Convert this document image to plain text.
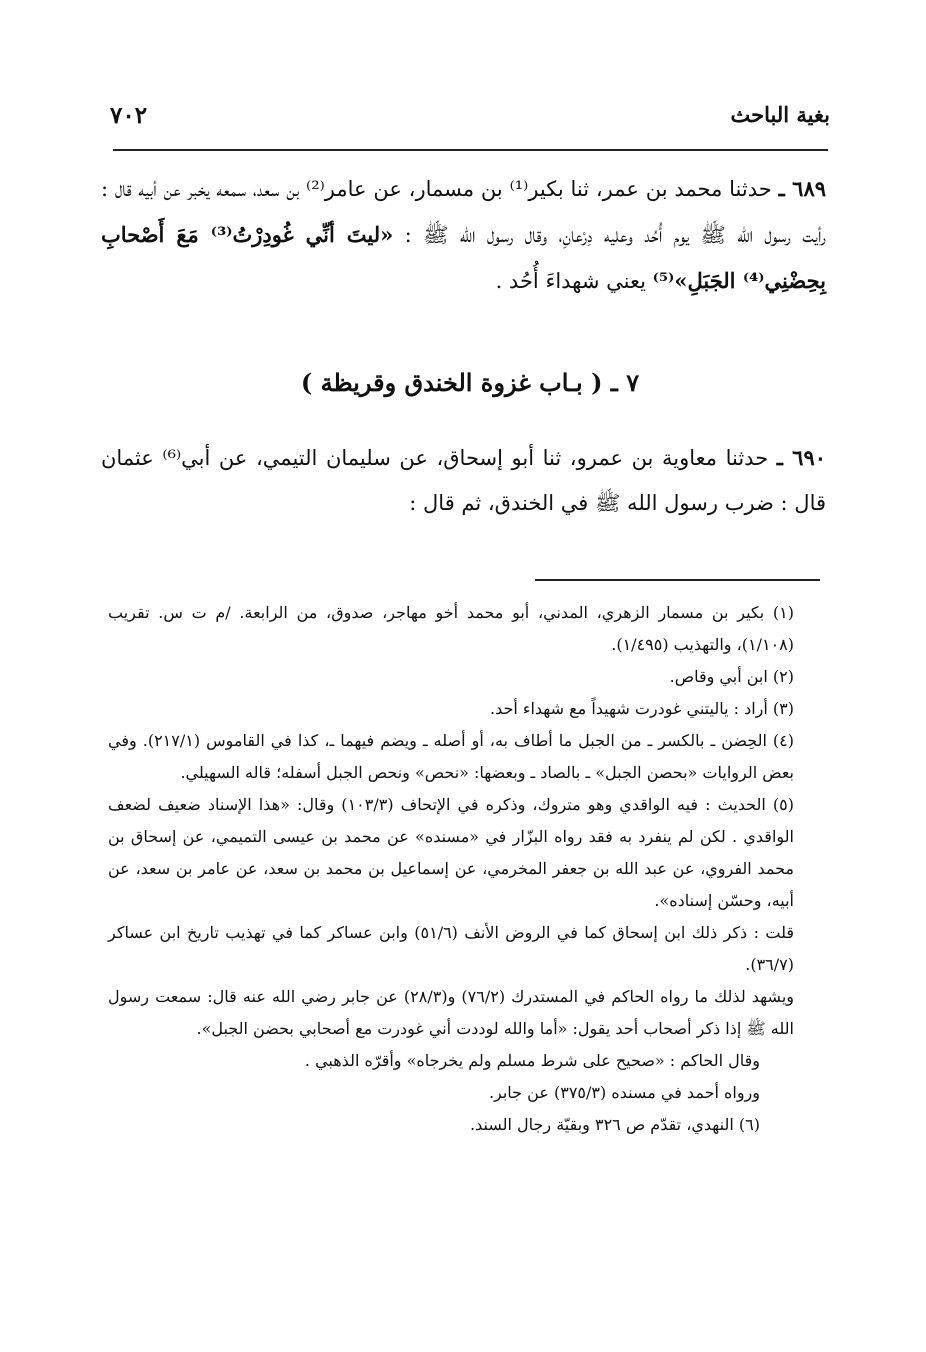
بغية الباحث
٧٠٢
٦٨٩ ـ حدثنا محمد بن عمر، ثنا بكير⁽¹⁾ بن مسمار، عن عامر⁽²⁾ بن سعد، سمعه يخبر عن أبيه قال : رأيت رسول الله ﷺ يوم أُحُد وعليه دِرْعانِ، وقال رسول الله ﷺ : «ليتَ أنِّي غُودِرْتُ⁽³⁾ مَعَ أَصْحابِ بِحِضْنِي⁽⁴⁾ الجَبَلِ»⁽⁵⁾ يعني شهداءَ أُحُد .
٧ ـ ( بـاب غزوة الخندق وقريظة )
٦٩٠ ـ حدثنا معاوية بن عمرو، ثنا أبو إسحاق، عن سليمان التيمي، عن أبي⁽⁶⁾ عثمان قال : ضرب رسول الله ﷺ في الخندق، ثم قال :
(١) بكير بن مسمار الزهري، المدني، أبو محمد أخو مهاجر، صدوق، من الرابعة. /م ت س. تقريب (١/١٠٨)، والتهذيب (١/٤٩٥).
(٢) ابن أبي وقاص.
(٣) أراد : ياليتني غودرت شهيداً مع شهداء أحد.
(٤) الحِضن ـ بالكسر ـ من الجبل ما أطاف به، أو أصله ـ ويضم فيهما ـ، كذا في القاموس (٢١٧/١). وفي بعض الروايات «بحصن الجبل» ـ بالصاد ـ وبعضها: «نحص» ونحص الجبل أسفله؛ قاله السهيلي.
(٥) الحديث : فيه الواقدي وهو متروك، وذكره في الإتحاف (١٠٣/٣) وقال: «هذا الإسناد ضعيف لضعف الواقدي . لكن لم ينفرد به فقد رواه البزّار في «مسنده» عن محمد بن عيسى التميمي، عن إسحاق بن محمد الفروي، عن عبد الله بن جعفر المخرمي، عن إسماعيل بن محمد بن سعد، عن عامر بن سعد، عن أبيه، وحسّن إسناده».
قلت : ذكر ذلك ابن إسحاق كما في الروض الأنف (٥١/٦) وابن عساكر كما في تهذيب تاريخ ابن عساكر (٣٦/٧).
ويشهد لذلك ما رواه الحاكم في المستدرك (٧٦/٢) و(٢٨/٣) عن جابر رضي الله عنه قال: سمعت رسول الله ﷺ إذا ذكر أصحاب أحد يقول: «أما والله لوددت أني غودرت مع أصحابي بحضن الجبل».
وقال الحاكم : «صحيح على شرط مسلم ولم يخرجاه» وأقرّه الذهبي .
ورواه أحمد في مسنده (٣٧٥/٣) عن جابر.
(٦) النهدي، تقدّم ص ٣٢٦ وبقيّة رجال السند.
